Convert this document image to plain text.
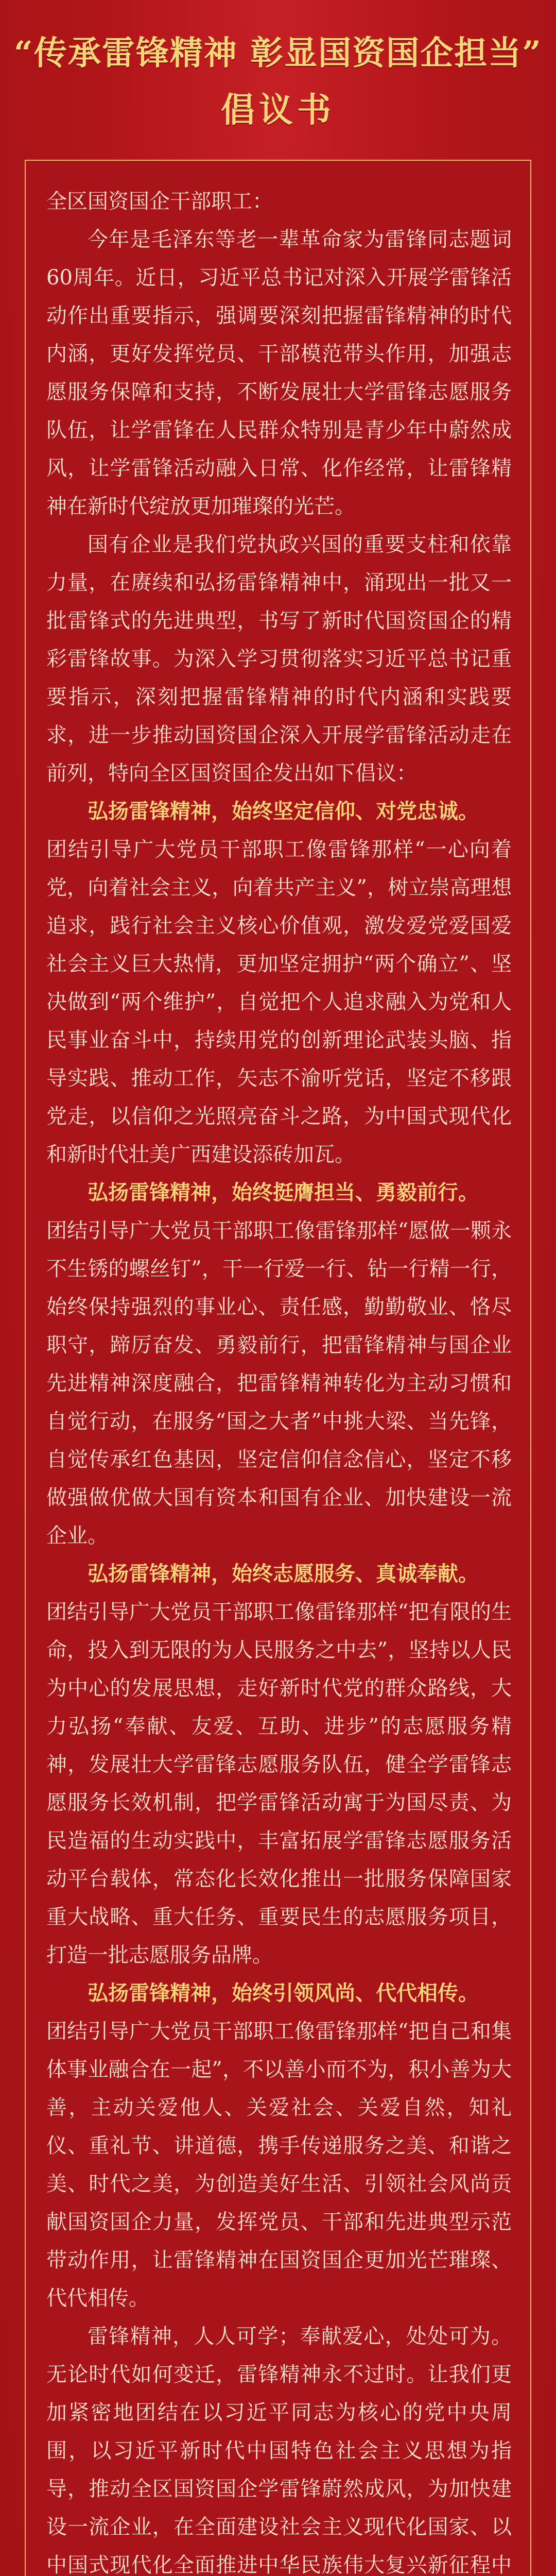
“传承雷锋精神 彰显国资国企担当”
倡议书

全区国资国企干部职工：

今年是毛泽东等老一辈革命家为雷锋同志题词60周年。近日，习近平总书记对深入开展学雷锋活动作出重要指示，强调要深刻把握雷锋精神的时代内涵，更好发挥党员、干部模范带头作用，加强志愿服务保障和支持，不断发展壮大学雷锋志愿服务队伍，让学雷锋在人民群众特别是青少年中蔚然成风，让学雷锋活动融入日常、化作经常，让雷锋精神在新时代绽放更加璀璨的光芒。

国有企业是我们党执政兴国的重要支柱和依靠力量，在赓续和弘扬雷锋精神中，涌现出一批又一批雷锋式的先进典型，书写了新时代国资国企的精彩雷锋故事。为深入学习贯彻落实习近平总书记重要指示，深刻把握雷锋精神的时代内涵和实践要求，进一步推动国资国企深入开展学雷锋活动走在前列，特向全区国资国企发出如下倡议：

弘扬雷锋精神，始终坚定信仰、对党忠诚。

团结引导广大党员干部职工像雷锋那样“一心向着党，向着社会主义，向着共产主义”，树立崇高理想追求，践行社会主义核心价值观，激发爱党爱国爱社会主义巨大热情，更加坚定拥护“两个确立”、坚决做到“两个维护”，自觉把个人追求融入为党和人民事业奋斗中，持续用党的创新理论武装头脑、指导实践、推动工作，矢志不渝听党话，坚定不移跟党走，以信仰之光照亮奋斗之路，为中国式现代化和新时代壮美广西建设添砖加瓦。

弘扬雷锋精神，始终挺膺担当、勇毅前行。

团结引导广大党员干部职工像雷锋那样“愿做一颗永不生锈的螺丝钉”，干一行爱一行、钻一行精一行，始终保持强烈的事业心、责任感，勤勤敬业、恪尽职守，蹄厉奋发、勇毅前行，把雷锋精神与国企业先进精神深度融合，把雷锋精神转化为主动习惯和自觉行动，在服务“国之大者”中挑大梁、当先锋，自觉传承红色基因，坚定信仰信念信心，坚定不移做强做优做大国有资本和国有企业、加快建设一流企业。

弘扬雷锋精神，始终志愿服务、真诚奉献。

团结引导广大党员干部职工像雷锋那样“把有限的生命，投入到无限的为人民服务之中去”，坚持以人民为中心的发展思想，走好新时代党的群众路线，大力弘扬“奉献、友爱、互助、进步”的志愿服务精神，发展壮大学雷锋志愿服务队伍，健全学雷锋志愿服务长效机制，把学雷锋活动寓于为国尽责、为民造福的生动实践中，丰富拓展学雷锋志愿服务活动平台载体，常态化长效化推出一批服务保障国家重大战略、重大任务、重要民生的志愿服务项目，打造一批志愿服务品牌。

弘扬雷锋精神，始终引领风尚、代代相传。

团结引导广大党员干部职工像雷锋那样“把自己和集体事业融合在一起”，不以善小而不为，积小善为大善，主动关爱他人、关爱社会、关爱自然，知礼仪、重礼节、讲道德，携手传递服务之美、和谐之美、时代之美，为创造美好生活、引领社会风尚贡献国资国企力量，发挥党员、干部和先进典型示范带动作用，让雷锋精神在国资国企更加光芒璀璨、代代相传。

雷锋精神，人人可学；奉献爱心，处处可为。无论时代如何变迁，雷锋精神永不过时。让我们更加紧密地团结在以习近平同志为核心的党中央周围，以习近平新时代中国特色社会主义思想为指导，推动全区国资国企学雷锋蔚然成风，为加快建设一流企业，在全面建设社会主义现代化国家、以中国式现代化全面推进中华民族伟大复兴新征程中
